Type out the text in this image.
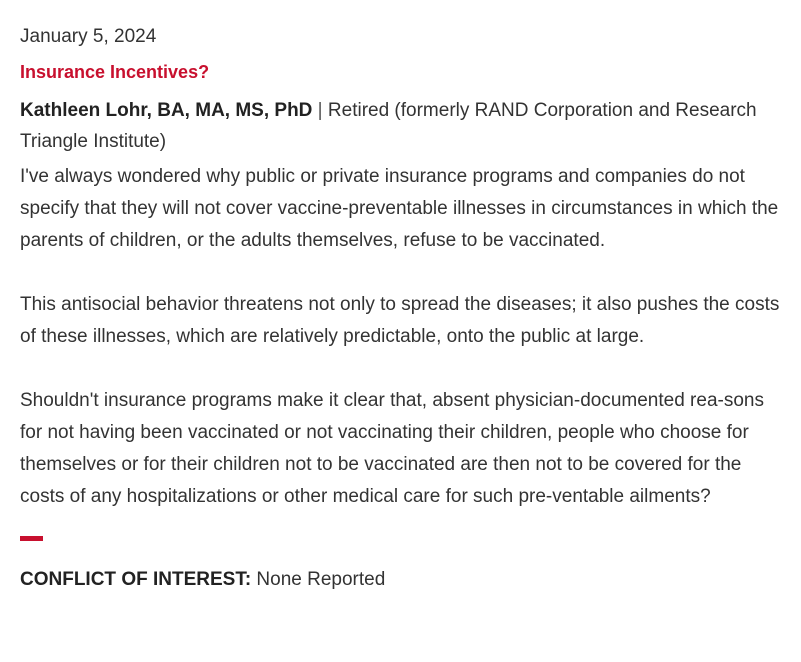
January 5, 2024
Insurance Incentives?
Kathleen Lohr, BA, MA, MS, PhD | Retired (formerly RAND Corporation and Research Triangle Institute)

I've always wondered why public or private insurance programs and companies do not specify that they will not cover vaccine-preventable illnesses in circumstances in which the parents of children, or the adults themselves, refuse to be vaccinated.

This antisocial behavior threatens not only to spread the diseases; it also pushes the costs of these illnesses, which are relatively predictable, onto the public at large.

Shouldn't insurance programs make it clear that, absent physician-documented rea-sons for not having been vaccinated or not vaccinating their children, people who choose for themselves or for their children not to be vaccinated are then not to be covered for the costs of any hospitalizations or other medical care for such pre-ventable ailments?

CONFLICT OF INTEREST: None Reported
